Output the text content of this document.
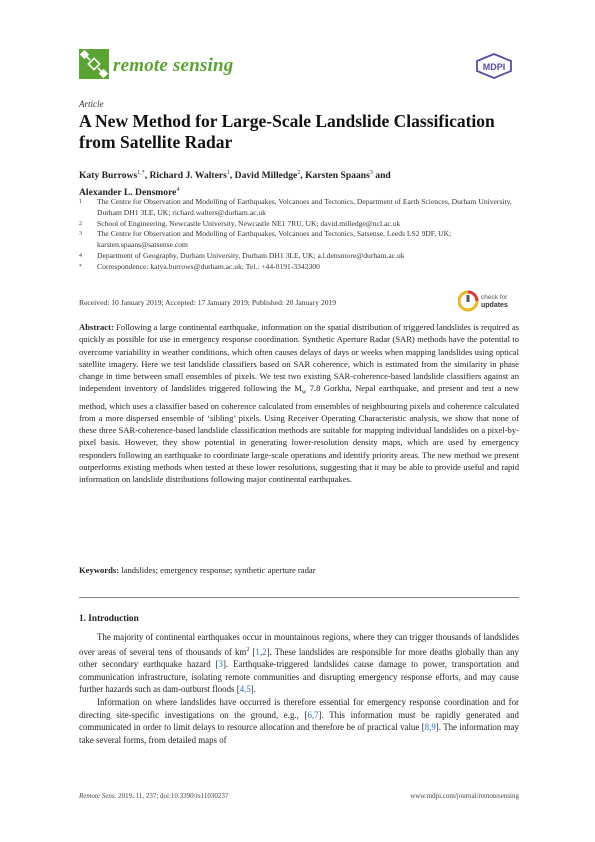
remote sensing	MDPI
Article
A New Method for Large-Scale Landslide Classification from Satellite Radar
Katy Burrows$^{1,*}$, Richard J. Walters$^1$, David Milledge$^2$, Karsten Spaans$^3$ and
Alexander L. Densmore$^4$
1	The Centre for Observation and Modelling of Earthquakes, Volcanoes and Tectonics, Department of Earth Sciences, Durham University, Durham DH1 3LE, UK; richard.walters@durham.ac.uk
2	School of Engineering, Newcastle University, Newcastle NE1 7RU, UK; david.milledge@ncl.ac.uk
3	The Centre for Observation and Modelling of Earthquakes, Volcanoes and Tectonics, Satsense, Leeds LS2 9DF, UK; karsten.spaans@satsense.com
4	Department of Geography, Durham University, Durham DH1 3LE, UK; a.l.densmore@durham.ac.uk
*	Correspondence: katya.burrows@durham.ac.uk; Tel.: +44-0191-3342300
Received: 10 January 2019; Accepted: 17 January 2019; Published: 20 January 2019
check for
updates
Abstract: Following a large continental earthquake, information on the spatial distribution of triggered landslides is required as quickly as possible for use in emergency response coordination. Synthetic Aperture Radar (SAR) methods have the potential to overcome variability in weather conditions, which often causes delays of days or weeks when mapping landslides using optical satellite imagery. Here we test landslide classifiers based on SAR coherence, which is estimated from the similarity in phase change in time between small ensembles of pixels. We test two existing SAR-coherence-based landslide classifiers against an independent inventory of landslides triggered following the $M_w$ 7.8 Gorkha, Nepal earthquake, and present and test a new method, which uses a classifier based on coherence calculated from ensembles of neighbouring pixels and coherence calculated from a more dispersed ensemble of ‘sibling’ pixels. Using Receiver Operating Characteristic analysis, we show that none of these three SAR-coherence-based landslide classification methods are suitable for mapping individual landslides on a pixel-by-pixel basis. However, they show potential in generating lower-resolution density maps, which are used by emergency responders following an earthquake to coordinate large-scale operations and identify priority areas. The new method we present outperforms existing methods when tested at these lower resolutions, suggesting that it may be able to provide useful and rapid information on landslide distributions following major continental earthquakes.
Keywords: landslides; emergency response; synthetic aperture radar
1. Introduction

The majority of continental earthquakes occur in mountainous regions, where they can trigger thousands of landslides over areas of several tens of thousands of $km^2$ [1,2]. These landslides are responsible for more deaths globally than any other secondary earthquake hazard [3]. Earthquake-triggered landslides cause damage to power, transportation and communication infrastructure, isolating remote communities and disrupting emergency response efforts, and may cause further hazards such as dam-outburst floods [4,5].

Information on where landslides have occurred is therefore essential for emergency response coordination and for directing site-specific investigations on the ground, e.g., [6,7]. This information must be rapidly generated and communicated in order to limit delays to resource allocation and therefore be of practical value [8,9]. The information may take several forms, from detailed maps of

Remote Sens. 2019, 11, 237; doi:10.3390/rs11030237	www.mdpi.com/journal/remotesensing
